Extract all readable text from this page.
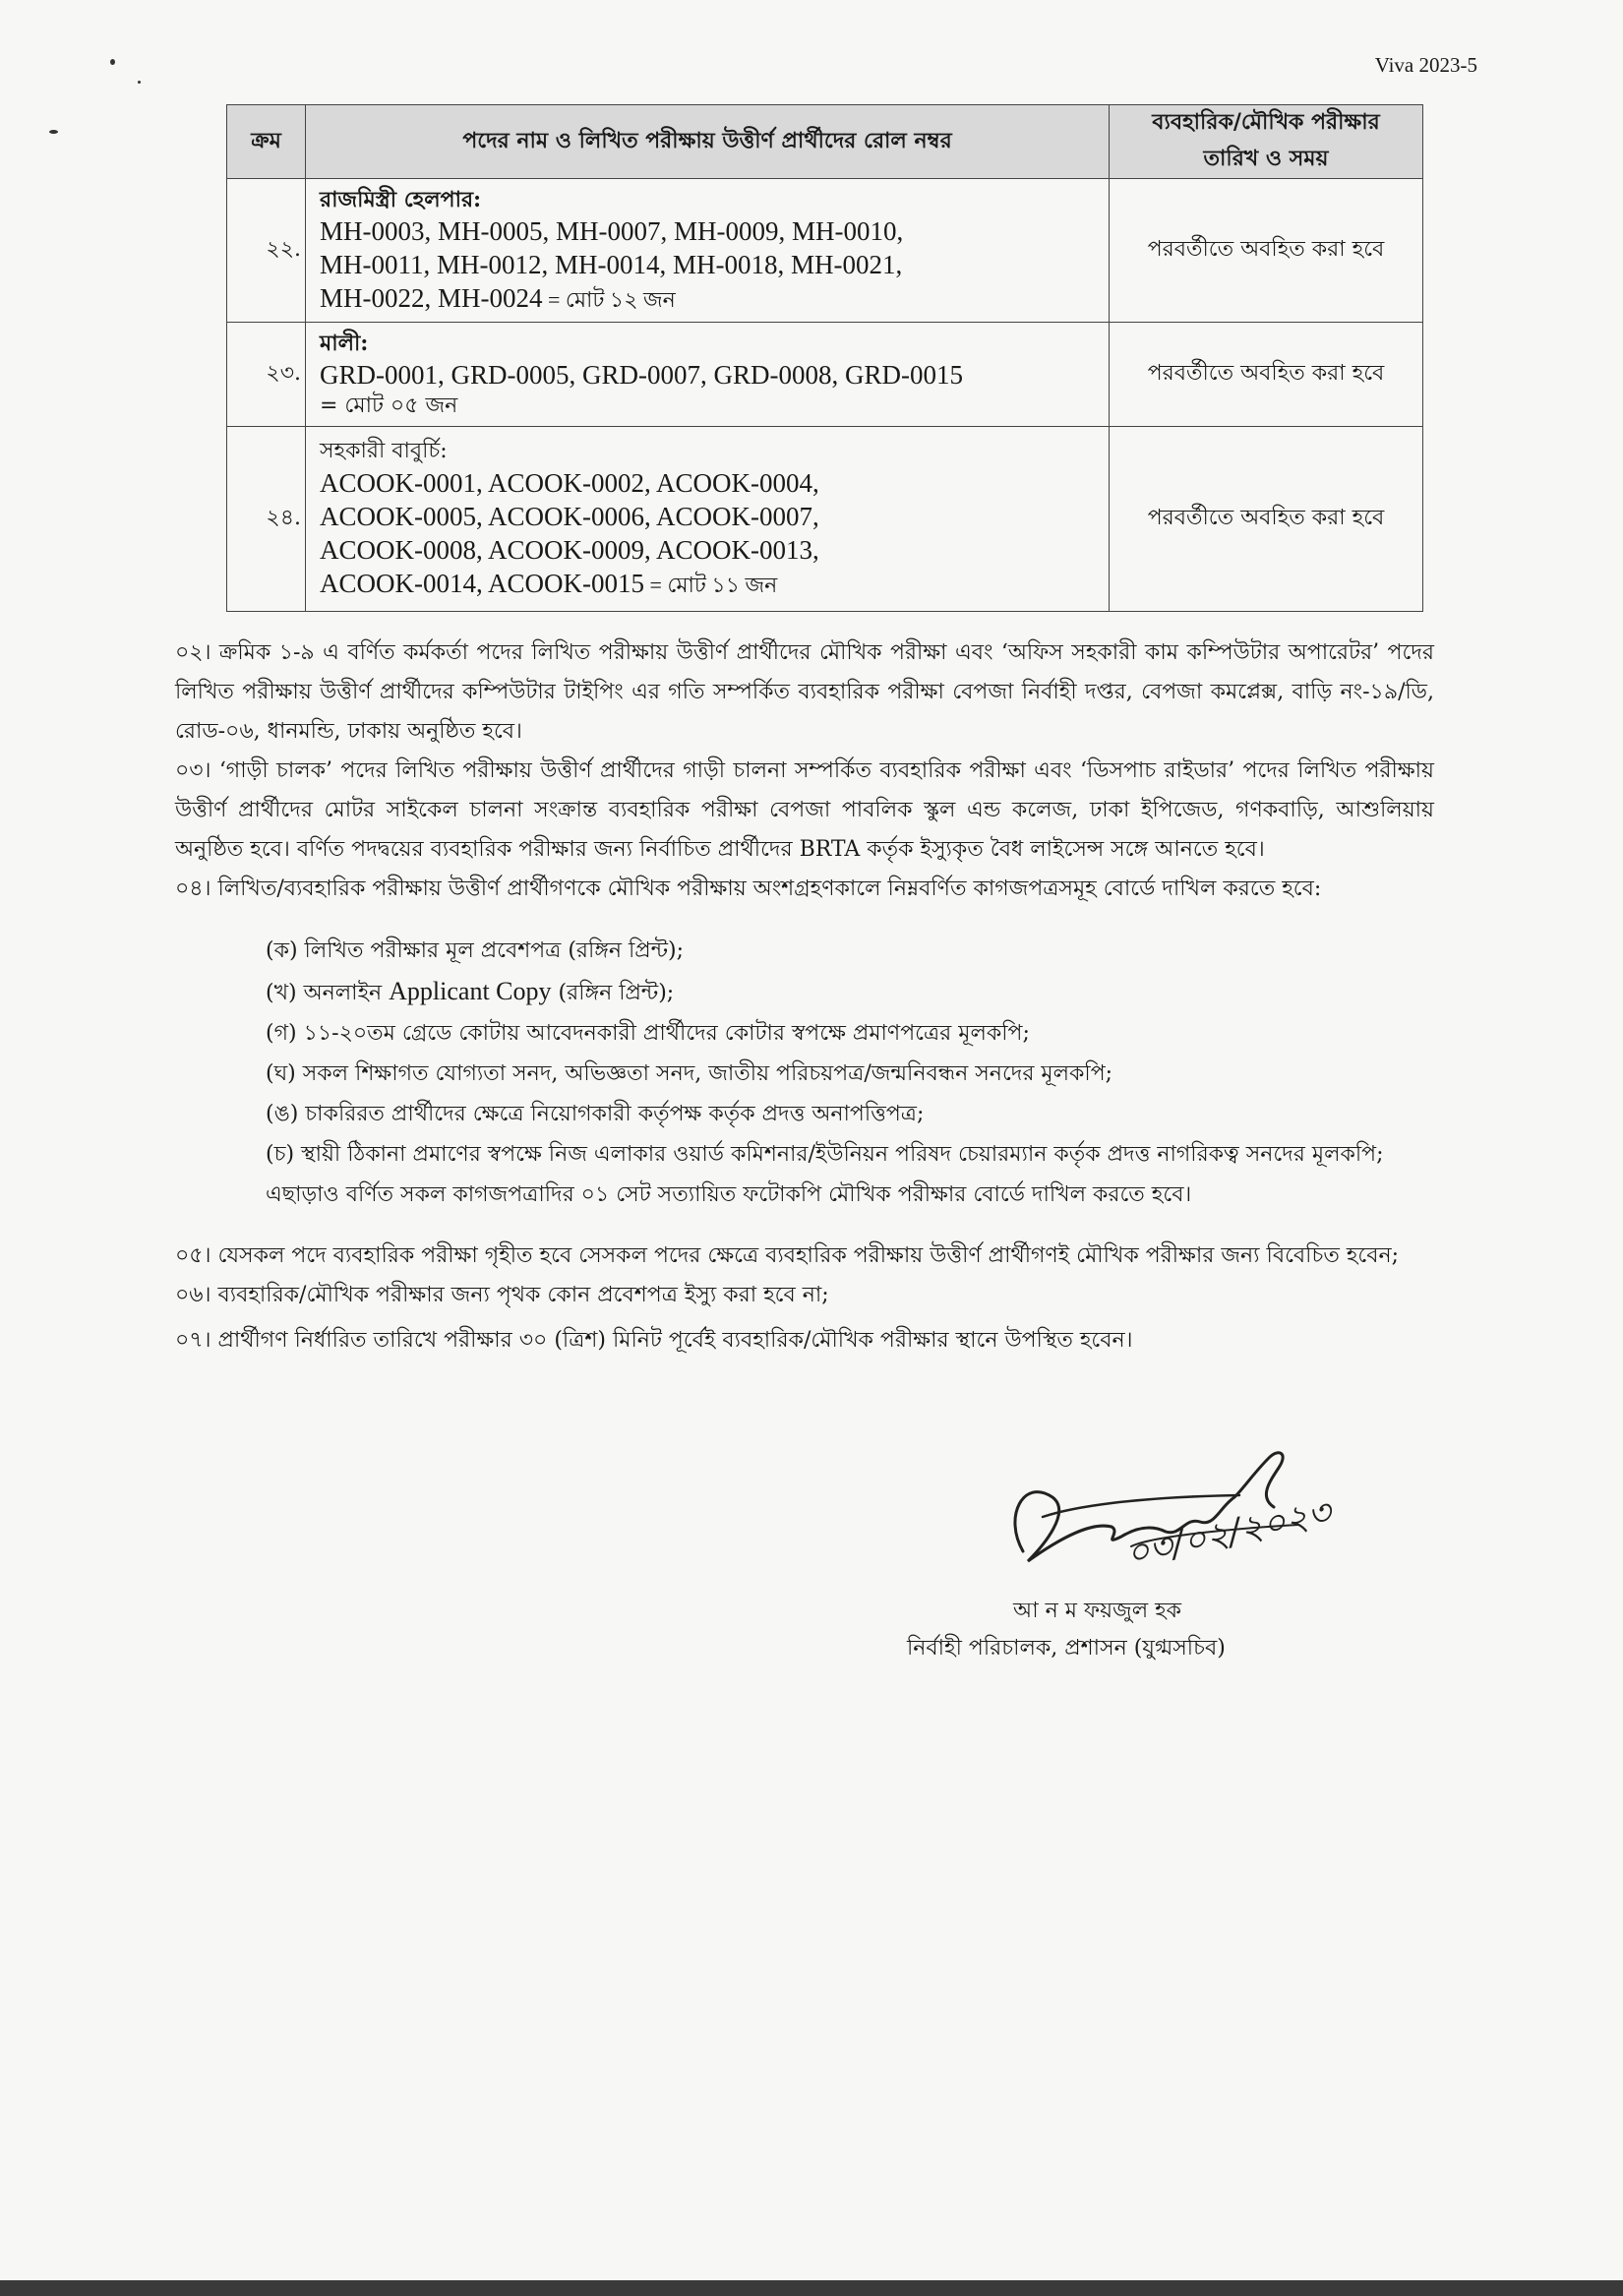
Viva 2023-5
ক্রম	পদের নাম ও লিখিত পরীক্ষায় উত্তীর্ণ প্রার্থীদের রোল নম্বর	ব্যবহারিক/মৌখিক পরীক্ষার
তারিখ ও সময়

২২.	রাজমিস্ত্রী হেলপার:
MH-0003, MH-0005, MH-0007, MH-0009, MH-0010,
MH-0011, MH-0012, MH-0014, MH-0018, MH-0021,
MH-0022, MH-0024 = মোট ১২ জন	পরবর্তীতে অবহিত করা হবে
২৩.	মালী:
GRD-0001, GRD-0005, GRD-0007, GRD-0008, GRD-0015
= মোট ০৫ জন	পরবর্তীতে অবহিত করা হবে
২৪.	সহকারী বাবুর্চি:
ACOOK-0001, ACOOK-0002, ACOOK-0004,
ACOOK-0005, ACOOK-0006, ACOOK-0007,
ACOOK-0008, ACOOK-0009, ACOOK-0013,
ACOOK-0014, ACOOK-0015 = মোট ১১ জন	পরবর্তীতে অবহিত করা হবে

০২। ক্রমিক ১-৯ এ বর্ণিত কর্মকর্তা পদের লিখিত পরীক্ষায় উত্তীর্ণ প্রার্থীদের মৌখিক পরীক্ষা এবং ‘অফিস সহকারী কাম কম্পিউটার অপারেটর’ পদের লিখিত পরীক্ষায় উত্তীর্ণ প্রার্থীদের কম্পিউটার টাইপিং এর গতি সম্পর্কিত ব্যবহারিক পরীক্ষা বেপজা নির্বাহী দপ্তর, বেপজা কমপ্লেক্স, বাড়ি নং-১৯/ডি, রোড-০৬, ধানমন্ডি, ঢাকায় অনুষ্ঠিত হবে।

০৩। ‘গাড়ী চালক’ পদের লিখিত পরীক্ষায় উত্তীর্ণ প্রার্থীদের গাড়ী চালনা সম্পর্কিত ব্যবহারিক পরীক্ষা এবং ‘ডিসপাচ রাইডার’ পদের লিখিত পরীক্ষায় উত্তীর্ণ প্রার্থীদের মোটর সাইকেল চালনা সংক্রান্ত ব্যবহারিক পরীক্ষা বেপজা পাবলিক স্কুল এন্ড কলেজ, ঢাকা ইপিজেড, গণকবাড়ি, আশুলিয়ায় অনুষ্ঠিত হবে। বর্ণিত পদদ্বয়ের ব্যবহারিক পরীক্ষার জন্য নির্বাচিত প্রার্থীদের BRTA কর্তৃক ইস্যুকৃত বৈধ লাইসেন্স সঙ্গে আনতে হবে।

০৪। লিখিত/ব্যবহারিক পরীক্ষায় উত্তীর্ণ প্রার্থীগণকে মৌখিক পরীক্ষায় অংশগ্রহণকালে নিম্নবর্ণিত কাগজপত্রসমূহ বোর্ডে দাখিল করতে হবে:

(ক) লিখিত পরীক্ষার মূল প্রবেশপত্র (রঙ্গিন প্রিন্ট);
(খ) অনলাইন Applicant Copy (রঙ্গিন প্রিন্ট);
(গ) ১১-২০তম গ্রেডে কোটায় আবেদনকারী প্রার্থীদের কোটার স্বপক্ষে প্রমাণপত্রের মূলকপি;
(ঘ) সকল শিক্ষাগত যোগ্যতা সনদ, অভিজ্ঞতা সনদ, জাতীয় পরিচয়পত্র/জন্মনিবন্ধন সনদের মূলকপি;
(ঙ) চাকরিরত প্রার্থীদের ক্ষেত্রে নিয়োগকারী কর্তৃপক্ষ কর্তৃক প্রদত্ত অনাপত্তিপত্র;
(চ) স্থায়ী ঠিকানা প্রমাণের স্বপক্ষে নিজ এলাকার ওয়ার্ড কমিশনার/ইউনিয়ন পরিষদ চেয়ারম্যান কর্তৃক প্রদত্ত নাগরিকত্ব সনদের মূলকপি;
এছাড়াও বর্ণিত সকল কাগজপত্রাদির ০১ সেট সত্যায়িত ফটোকপি মৌখিক পরীক্ষার বোর্ডে দাখিল করতে হবে।

০৫। যেসকল পদে ব্যবহারিক পরীক্ষা গৃহীত হবে সেসকল পদের ক্ষেত্রে ব্যবহারিক পরীক্ষায় উত্তীর্ণ প্রার্থীগণই মৌখিক পরীক্ষার জন্য বিবেচিত হবেন;

০৬। ব্যবহারিক/মৌখিক পরীক্ষার জন্য পৃথক কোন প্রবেশপত্র ইস্যু করা হবে না;

০৭। প্রার্থীগণ নির্ধারিত তারিখে পরীক্ষার ৩০ (ত্রিশ) মিনিট পূর্বেই ব্যবহারিক/মৌখিক পরীক্ষার স্থানে উপস্থিত হবেন।

০৩/০২/২০২৩
আ ন ম ফয়জুল হক
নির্বাহী পরিচালক, প্রশাসন (যুগ্মসচিব)
